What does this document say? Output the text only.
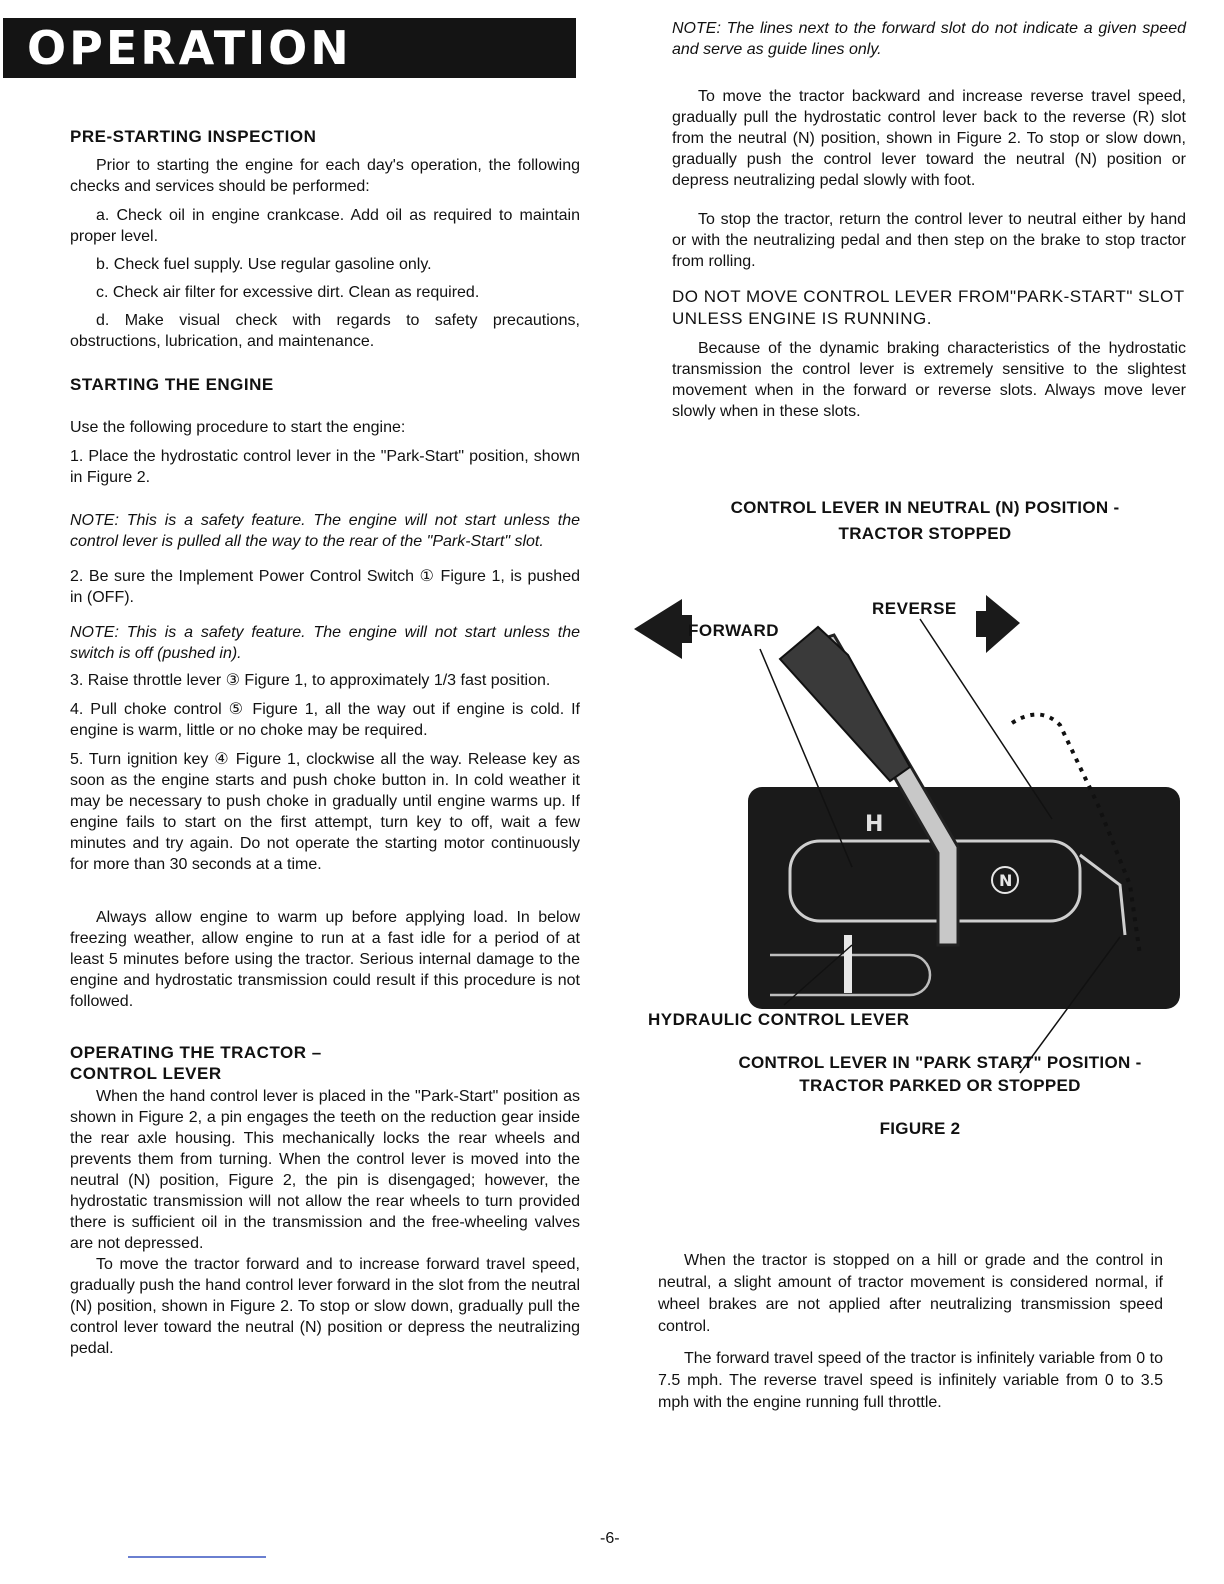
OPERATION
PRE-STARTING INSPECTION

Prior to starting the engine for each day's operation, the following checks and services should be performed:

a. Check oil in engine crankcase. Add oil as required to maintain proper level.

b. Check fuel supply. Use regular gasoline only.

c. Check air filter for excessive dirt. Clean as required.

d. Make visual check with regards to safety precautions, obstructions, lubrication, and maintenance.

STARTING THE ENGINE

Use the following procedure to start the engine:

1. Place the hydrostatic control lever in the "Park-Start" position, shown in Figure 2.

NOTE: This is a safety feature. The engine will not start unless the control lever is pulled all the way to the rear of the "Park-Start" slot.

2. Be sure the Implement Power Control Switch ① Figure 1, is pushed in (OFF).

NOTE: This is a safety feature. The engine will not start unless the switch is off (pushed in).

3. Raise throttle lever ③ Figure 1, to approximately 1/3 fast position.

4. Pull choke control ⑤ Figure 1, all the way out if engine is cold. If engine is warm, little or no choke may be required.

5. Turn ignition key ④ Figure 1, clockwise all the way. Release key as soon as the engine starts and push choke button in. In cold weather it may be necessary to push choke in gradually until engine warms up. If engine fails to start on the first attempt, turn key to off, wait a few minutes and try again. Do not operate the starting motor continuously for more than 30 seconds at a time.

Always allow engine to warm up before applying load. In below freezing weather, allow engine to run at a fast idle for a period of at least 5 minutes before using the tractor. Serious internal damage to the engine and hydrostatic transmission could result if this procedure is not followed.

OPERATING THE TRACTOR –
CONTROL LEVER

When the hand control lever is placed in the "Park-Start" position as shown in Figure 2, a pin engages the teeth on the reduction gear inside the rear axle housing. This mechanically locks the rear wheels and prevents them from turning. When the control lever is moved into the neutral (N) position, Figure 2, the pin is disengaged; however, the hydrostatic transmission will not allow the rear wheels to turn provided there is sufficient oil in the transmission and the free-wheeling valves are not depressed.

To move the tractor forward and to increase forward travel speed, gradually push the hand control lever forward in the slot from the neutral (N) position, shown in Figure 2. To stop or slow down, gradually pull the control lever toward the neutral (N) position or depress the neutralizing pedal.

NOTE: The lines next to the forward slot do not indicate a given speed and serve as guide lines only.

To move the tractor backward and increase reverse travel speed, gradually pull the hydrostatic control lever back to the reverse (R) slot from the neutral (N) position, shown in Figure 2. To stop or slow down, gradually push the control lever toward the neutral (N) position or depress neutralizing pedal slowly with foot.

To stop the tractor, return the control lever to neutral either by hand or with the neutralizing pedal and then step on the brake to stop tractor from rolling.

DO NOT MOVE CONTROL LEVER FROM"PARK-START" SLOT UNLESS ENGINE IS RUNNING.

Because of the dynamic braking characteristics of the hydrostatic transmission the control lever is extremely sensitive to the slightest movement when in the forward or reverse slots. Always move lever slowly when in these slots.

CONTROL LEVER IN NEUTRAL (N) POSITION -
TRACTOR STOPPED
N
H
FORWARD
REVERSE
HYDRAULIC CONTROL LEVER
CONTROL LEVER IN "PARK START" POSITION -
TRACTOR PARKED OR STOPPED
FIGURE 2

When the tractor is stopped on a hill or grade and the control in neutral, a slight amount of tractor movement is considered normal, if wheel brakes are not applied after neutralizing transmission speed control.

The forward travel speed of the tractor is infinitely variable from 0 to 7.5 mph. The reverse travel speed is infinitely variable from 0 to 3.5 mph with the engine running full throttle.

-6-
